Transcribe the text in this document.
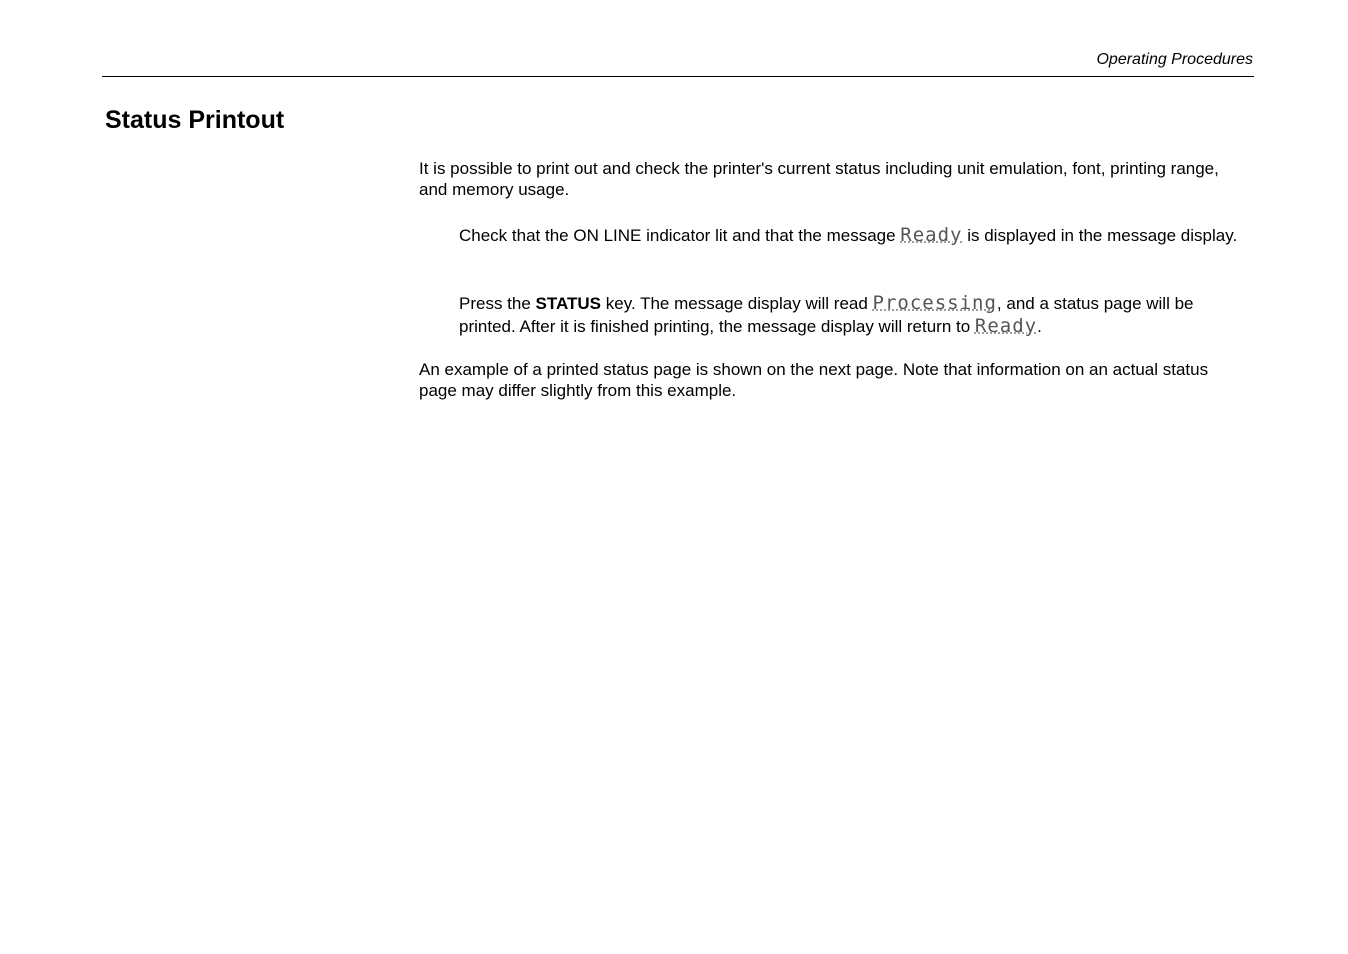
Operating Procedures
Status Printout

It is possible to print out and check the printer's current status including unit emulation, font, printing range, and memory usage.

Check that the ON LINE indicator lit and that the message Ready is displayed in the message display.

Press the STATUS key. The message display will read Processing, and a status page will be printed. After it is finished printing, the message display will return to Ready.

An example of a printed status page is shown on the next page. Note that information on an actual status page may differ slightly from this example.
